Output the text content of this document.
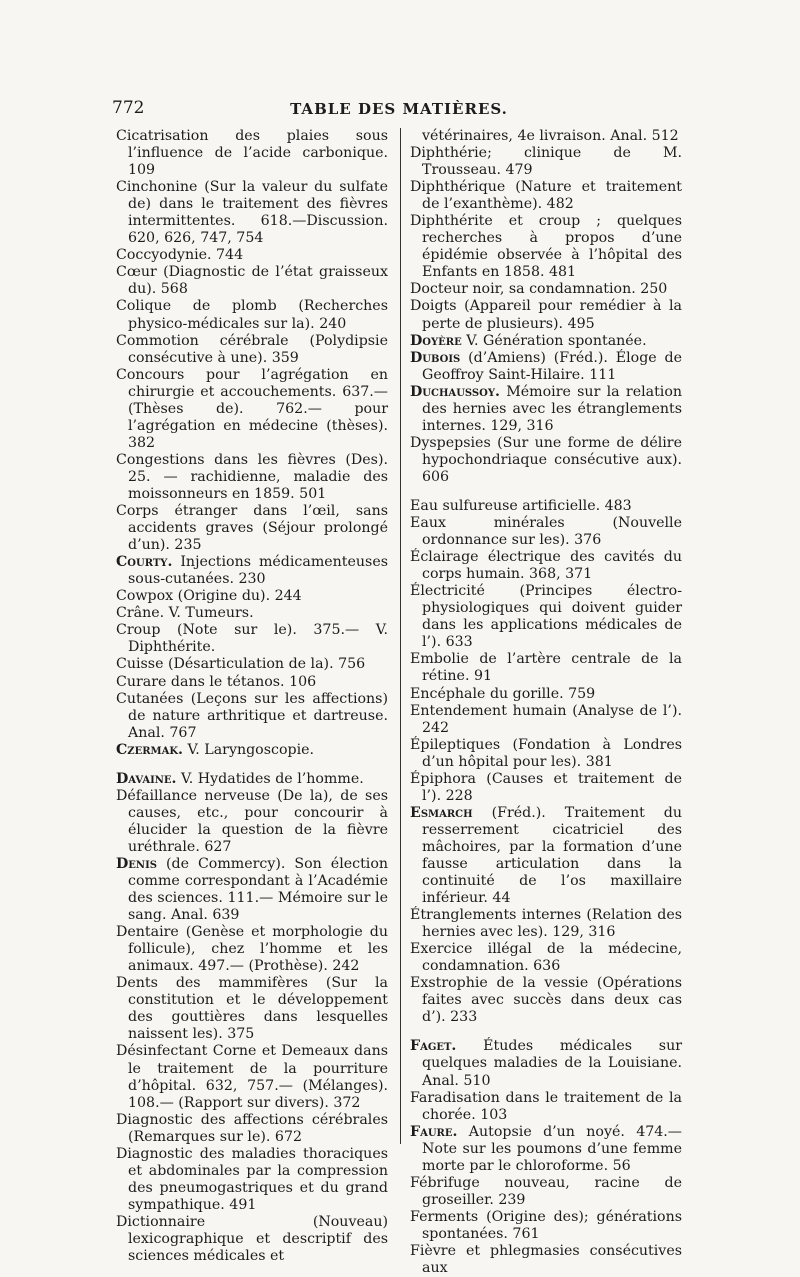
772	TABLE DES MATIÈRES.
Cicatrisation des plaies sous l’influence de l’acide carbonique. 109
Cinchonine (Sur la valeur du sulfate de) dans le traitement des fièvres intermittentes. 618.—Discussion. 620, 626, 747, 754
Coccyodynie. 744
Cœur (Diagnostic de l’état graisseux du). 568
Colique de plomb (Recherches physico-médicales sur la). 240
Commotion cérébrale (Polydipsie consécutive à une). 359
Concours pour l’agrégation en chirurgie et accouchements. 637.— (Thèses de). 762.— pour l’agrégation en médecine (thèses). 382
Congestions dans les fièvres (Des). 25. — rachidienne, maladie des moissonneurs en 1859. 501
Corps étranger dans l’œil, sans accidents graves (Séjour prolongé d’un). 235
Courty. Injections médicamenteuses sous-cutanées. 230
Cowpox (Origine du). 244
Crâne. V. Tumeurs.
Croup (Note sur le). 375.— V. Diphthérite.
Cuisse (Désarticulation de la). 756
Curare dans le tétanos. 106
Cutanées (Leçons sur les affections) de nature arthritique et dartreuse. Anal. 767
Czermak. V. Laryngoscopie.
Davaine. V. Hydatides de l’homme.
Défaillance nerveuse (De la), de ses causes, etc., pour concourir à élucider la question de la fièvre uréthrale. 627
Denis (de Commercy). Son élection comme correspondant à l’Académie des sciences. 111.— Mémoire sur le sang. Anal. 639
Dentaire (Genèse et morphologie du follicule), chez l’homme et les animaux. 497.— (Prothèse). 242
Dents des mammifères (Sur la constitution et le développement des gouttières dans lesquelles naissent les). 375
Désinfectant Corne et Demeaux dans le traitement de la pourriture d’hôpital. 632, 757.— (Mélanges). 108.— (Rapport sur divers). 372
Diagnostic des affections cérébrales (Remarques sur le). 672
Diagnostic des maladies thoraciques et abdominales par la compression des pneumogastriques et du grand sympathique. 491
Dictionnaire (Nouveau) lexicographique et descriptif des sciences médicales et
vétérinaires, 4e livraison. Anal. 512
Diphthérie; clinique de M. Trousseau. 479
Diphthérique (Nature et traitement de l’exanthème). 482
Diphthérite et croup ; quelques recherches à propos d’une épidémie observée à l’hôpital des Enfants en 1858. 481
Docteur noir, sa condamnation. 250
Doigts (Appareil pour remédier à la perte de plusieurs). 495
Doyère V. Génération spontanée.
Dubois (d’Amiens) (Fréd.). Éloge de Geoffroy Saint-Hilaire. 111
Duchaussoy. Mémoire sur la relation des hernies avec les étranglements internes. 129, 316
Dyspepsies (Sur une forme de délire hypochondriaque consécutive aux). 606
Eau sulfureuse artificielle. 483
Eaux minérales (Nouvelle ordonnance sur les). 376
Éclairage électrique des cavités du corps humain. 368, 371
Électricité (Principes électro-physiologiques qui doivent guider dans les applications médicales de l’). 633
Embolie de l’artère centrale de la rétine. 91
Encéphale du gorille. 759
Entendement humain (Analyse de l’). 242
Épileptiques (Fondation à Londres d’un hôpital pour les). 381
Épiphora (Causes et traitement de l’). 228
Esmarch (Fréd.). Traitement du resserrement cicatriciel des mâchoires, par la formation d’une fausse articulation dans la continuité de l’os maxillaire inférieur. 44
Étranglements internes (Relation des hernies avec les). 129, 316
Exercice illégal de la médecine, condamnation. 636
Exstrophie de la vessie (Opérations faites avec succès dans deux cas d’). 233
Faget. Études médicales sur quelques maladies de la Louisiane. Anal. 510
Faradisation dans le traitement de la chorée. 103
Faure. Autopsie d’un noyé. 474.— Note sur les poumons d’une femme morte par le chloroforme. 56
Fébrifuge nouveau, racine de groseiller. 239
Ferments (Origine des); générations spontanées. 761
Fièvre et phlegmasies consécutives aux
